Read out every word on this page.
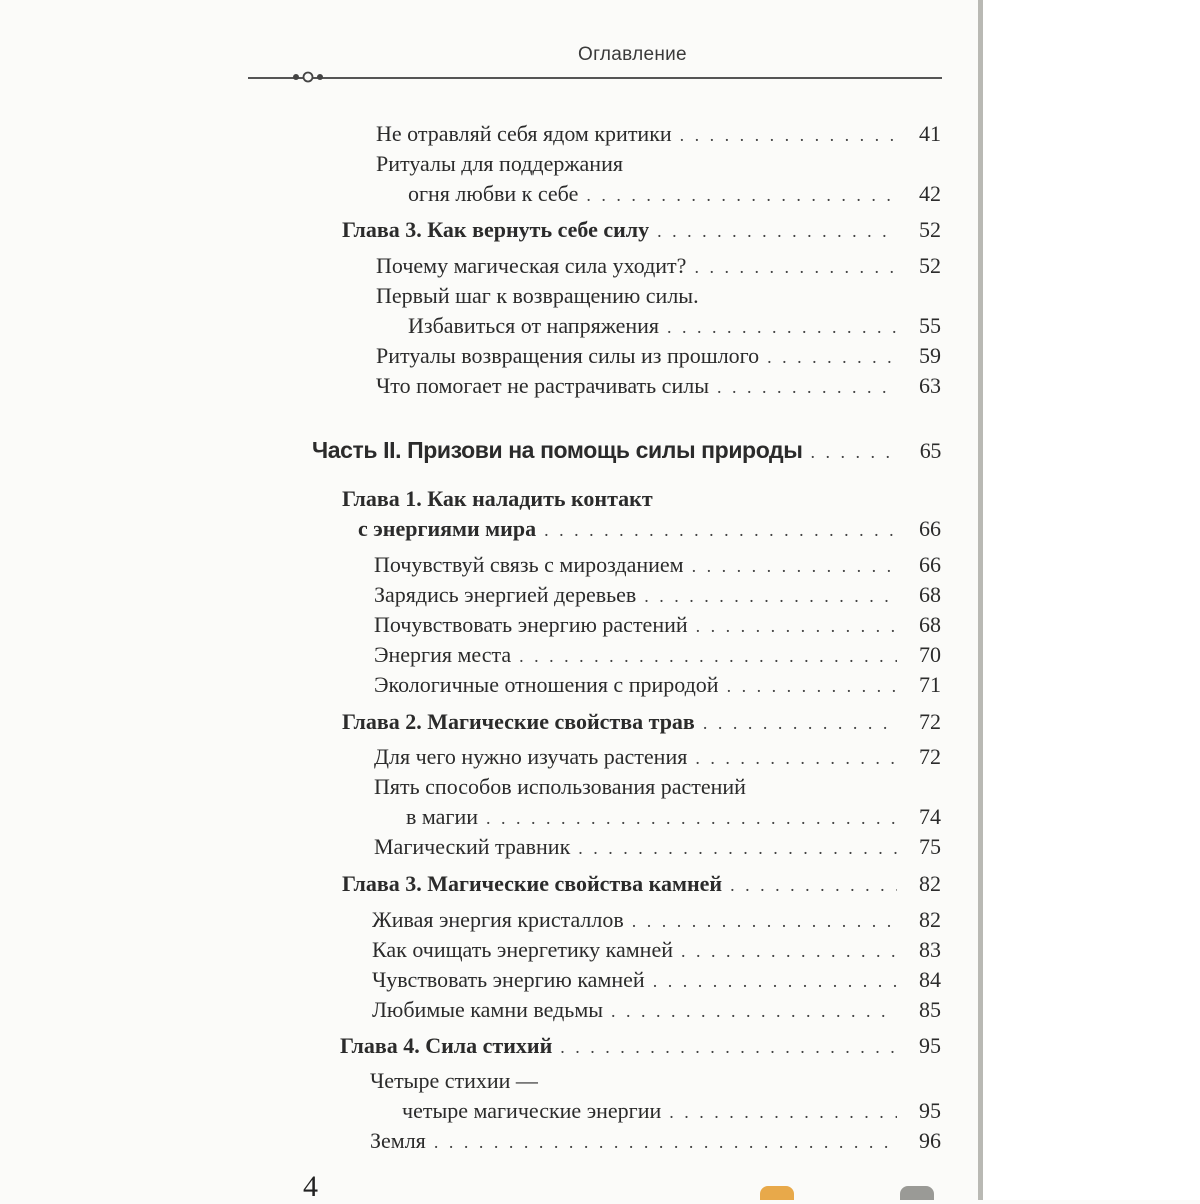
Оглавление
Не отравляй себя ядом критики . . .	41
Ритуалы для поддержания
огня любви к себе . . .	42
Глава 3. Как вернуть себе силу . . .	52
Почему магическая сила уходит? . . .	52
Первый шаг к возвращению силы.
Избавиться от напряжения . . .	55
Ритуалы возвращения силы из прошлого . . .	59
Что помогает не растрачивать силы . . .	63
Часть II. Призови на помощь силы природы . . .	65
Глава 1. Как наладить контакт
с энергиями мира . . .	66
Почувствуй связь с мирозданием . . .	66
Зарядись энергией деревьев . . .	68
Почувствовать энергию растений . . .	68
Энергия места . . .	70
Экологичные отношения с природой . . .	71
Глава 2. Магические свойства трав . . .	72
Для чего нужно изучать растения . . .	72
Пять способов использования растений
в магии . . .	74
Магический травник . . .	75
Глава 3. Магические свойства камней . . .	82
Живая энергия кристаллов . . .	82
Как очищать энергетику камней . . .	83
Чувствовать энергию камней . . .	84
Любимые камни ведьмы . . .	85
Глава 4. Сила стихий . . .	95
Четыре стихии —
четыре магические энергии . . .	95
Земля . . .	96
4
